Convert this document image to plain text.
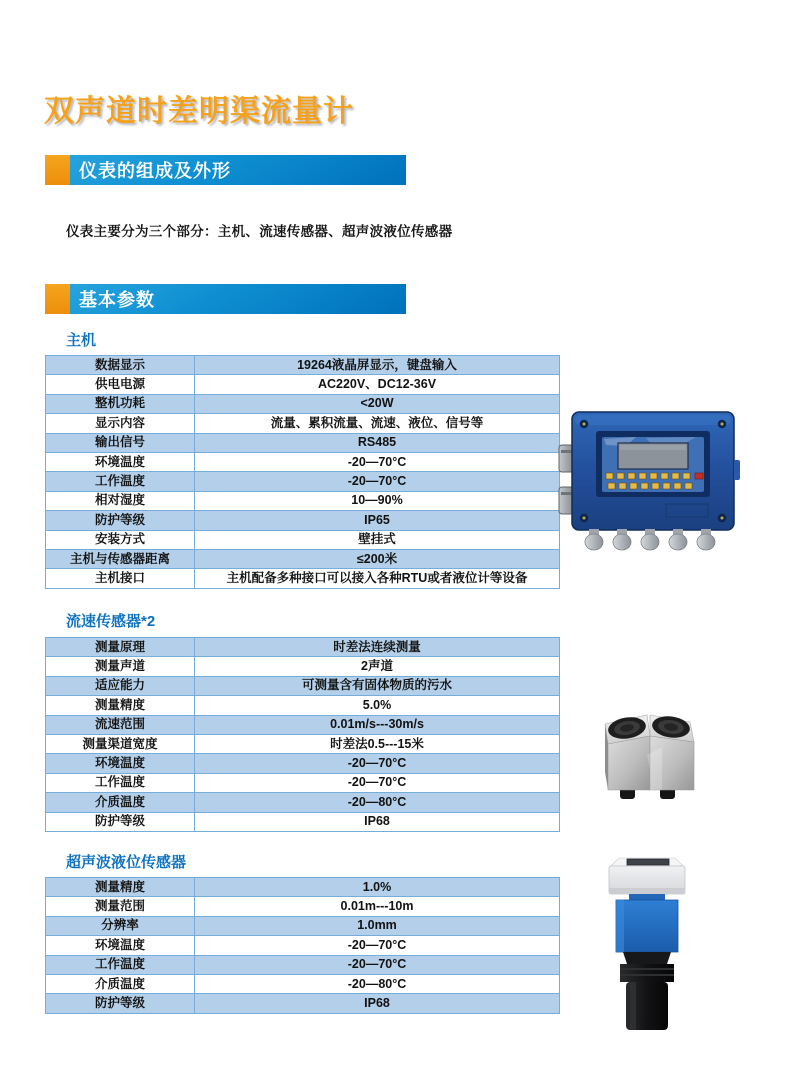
双声道时差明渠流量计
仪表的组成及外形

仪表主要分为三个部分：主机、流速传感器、超声波液位传感器

基本参数
主机
数据显示	19264液晶屏显示，键盘输入
供电电源	AC220V、DC12-36V
整机功耗	<20W
显示内容	流量、累积流量、流速、液位、信号等
输出信号	RS485
环境温度	-20—70°C
工作温度	-20—70°C
相对湿度	10—90%
防护等级	IP65
安装方式	壁挂式
主机与传感器距离	≤200米
主机接口	主机配备多种接口可以接入各种RTU或者液位计等设备
流速传感器*2
测量原理	时差法连续测量
测量声道	2声道
适应能力	可测量含有固体物质的污水
测量精度	5.0%
流速范围	0.01m/s---30m/s
测量渠道宽度	时差法0.5---15米
环境温度	-20—70°C
工作温度	-20—70°C
介质温度	-20—80°C
防护等级	IP68
超声波液位传感器
测量精度	1.0%
测量范围	0.01m---10m
分辨率	1.0mm
环境温度	-20—70°C
工作温度	-20—70°C
介质温度	-20—80°C
防护等级	IP68
